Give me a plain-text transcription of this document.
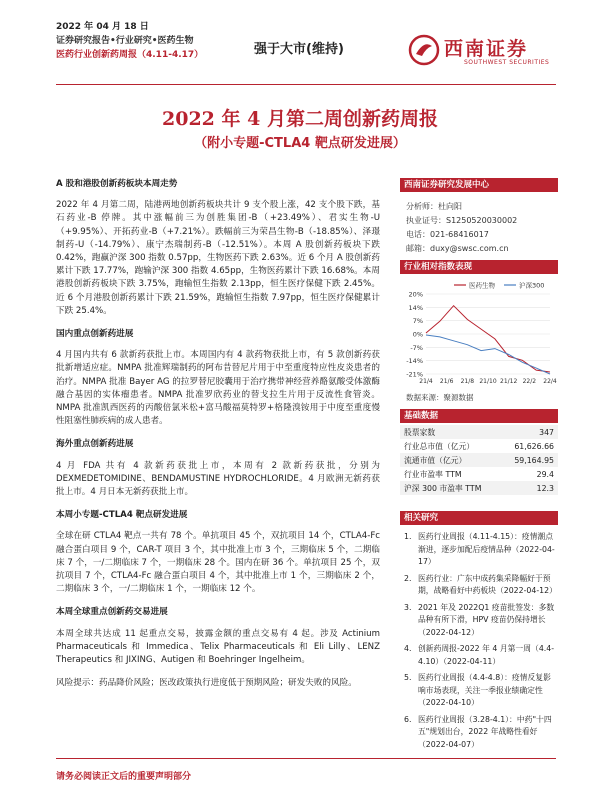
2022 年 04 月 18 日
证券研究报告•行业研究•医药生物
医药行业创新药周报（4.11-4.17）	强于大市(维持)	西南证券
SOUTHWEST SECURITIES
2022 年 4 月第二周创新药周报
（附小专题-CTLA4 靶点研发进展）
A 股和港股创新药板块本周走势

2022 年 4 月第二周，陆港两地创新药板块共计 9 支个股上涨，42 支个股下跌，基石药业-B 停牌。其中涨幅前三为创胜集团-B（+23.49%）、君实生物-U（+9.95%）、开拓药业-B（+7.21%）。跌幅前三为荣昌生物-B（-18.85%）、泽璟制药-U（-14.79%）、康宁杰瑞制药-B（-12.51%）。本周 A 股创新药板块下跌 0.42%，跑赢沪深 300 指数 0.57pp，生物医药下跌 2.63%。近 6 个月 A 股创新药累计下跌 17.77%，跑输沪深 300 指数 4.65pp，生物医药累计下跌 16.68%。本周港股创新药板块下跌 3.75%，跑输恒生指数 2.13pp，恒生医疗保健下跌 2.45%。近 6 个月港股创新药累计下跌 21.59%，跑输恒生指数 7.97pp，恒生医疗保健累计下跌 25.4%。

国内重点创新药进展

4 月国内共有 6 款新药获批上市。本周国内有 4 款药物获批上市，有 5 款创新药获批新增适应症。NMPA 批准辉瑞制药的阿布昔替尼片用于中至重度特应性皮炎患者的治疗。NMPA 批准 Bayer AG 的拉罗替尼胶囊用于治疗携带神经营养酪氨酸受体激酶融合基因的实体瘤患者。NMPA 批准罗欣药业的替戈拉生片用于反流性食管炎。NMPA 批准凯西医药的丙酸倍氯米松+富马酸福莫特罗+格隆溴铵用于中度至重度慢性阻塞性肺疾病的成人患者。

海外重点创新药进展

4 月 FDA 共有 4 款新药获批上市，本周有 2 款新药获批，分别为 DEXMEDETOMIDINE、BENDAMUSTINE HYDROCHLORIDE。4 月欧洲无新药获批上市。4 月日本无新药获批上市。

本周小专题-CTLA4 靶点研发进展

全球在研 CTLA4 靶点一共有 78 个。单抗项目 45 个，双抗项目 14 个，CTLA4-Fc 融合蛋白项目 9 个，CAR-T 项目 3 个，其中批准上市 3 个，三期临床 5 个，二期临床 7 个，一/二期临床 7 个，一期临床 28 个。国内在研 36 个。单抗项目 25 个，双抗项目 7 个，CTLA4-Fc 融合蛋白项目 4 个，其中批准上市 1 个，三期临床 2 个，二期临床 3 个，一/二期临床 1 个，一期临床 12 个。

本周全球重点创新药交易进展

本周全球共达成 11 起重点交易，披露金额的重点交易有 4 起。涉及 Actinium Pharmaceuticals 和 Immedica、Telix Pharmaceuticals 和 Eli Lilly、LENZ Therapeutics 和 JIXING、Autigen 和 Boehringer Ingelheim。

风险提示：药品降价风险；医改政策执行进度低于预期风险；研发失败的风险。

西南证券研究发展中心
分析师：杜向阳
执业证号：S1250520030002
电话：021-68416017
邮箱：duxy@swsc.com.cn
行业相对指数表现
20%
14%
7%
0%
-7%
-14%
-21%
21/4 21/6 21/8 21/10 21/12 22/2 22/4
医药生物	沪深300
数据来源：聚源数据
基础数据
股票家数	347
行业总市值（亿元）	61,626.66
流通市值（亿元）	59,164.95
行业市盈率 TTM	29.4
沪深 300 市盈率 TTM	12.3
相关研究
1. 医药行业周报（4.11-4.15）：疫情潮点渐进，逐步加配后疫情品种（2022-04-17）
2. 医药行业：广东中成药集采降幅好于预期，战略看好中药板块（2022-04-12）
3. 2021 年及 2022Q1 疫苗批签发：多数品种有所下滑，HPV 疫苗仍保持增长（2022-04-12）
4. 创新药周报-2022 年 4 月第一周（4.4-4.10）（2022-04-11）
5. 医药行业周报（4.4-4.8）：疫情反复影响市场表现，关注一季报业绩确定性（2022-04-10）
6. 医药行业周报（3.28-4.1）：中药"十四五"规划出台，2022 年战略性看好（2022-04-07）
请务必阅读正文后的重要声明部分
